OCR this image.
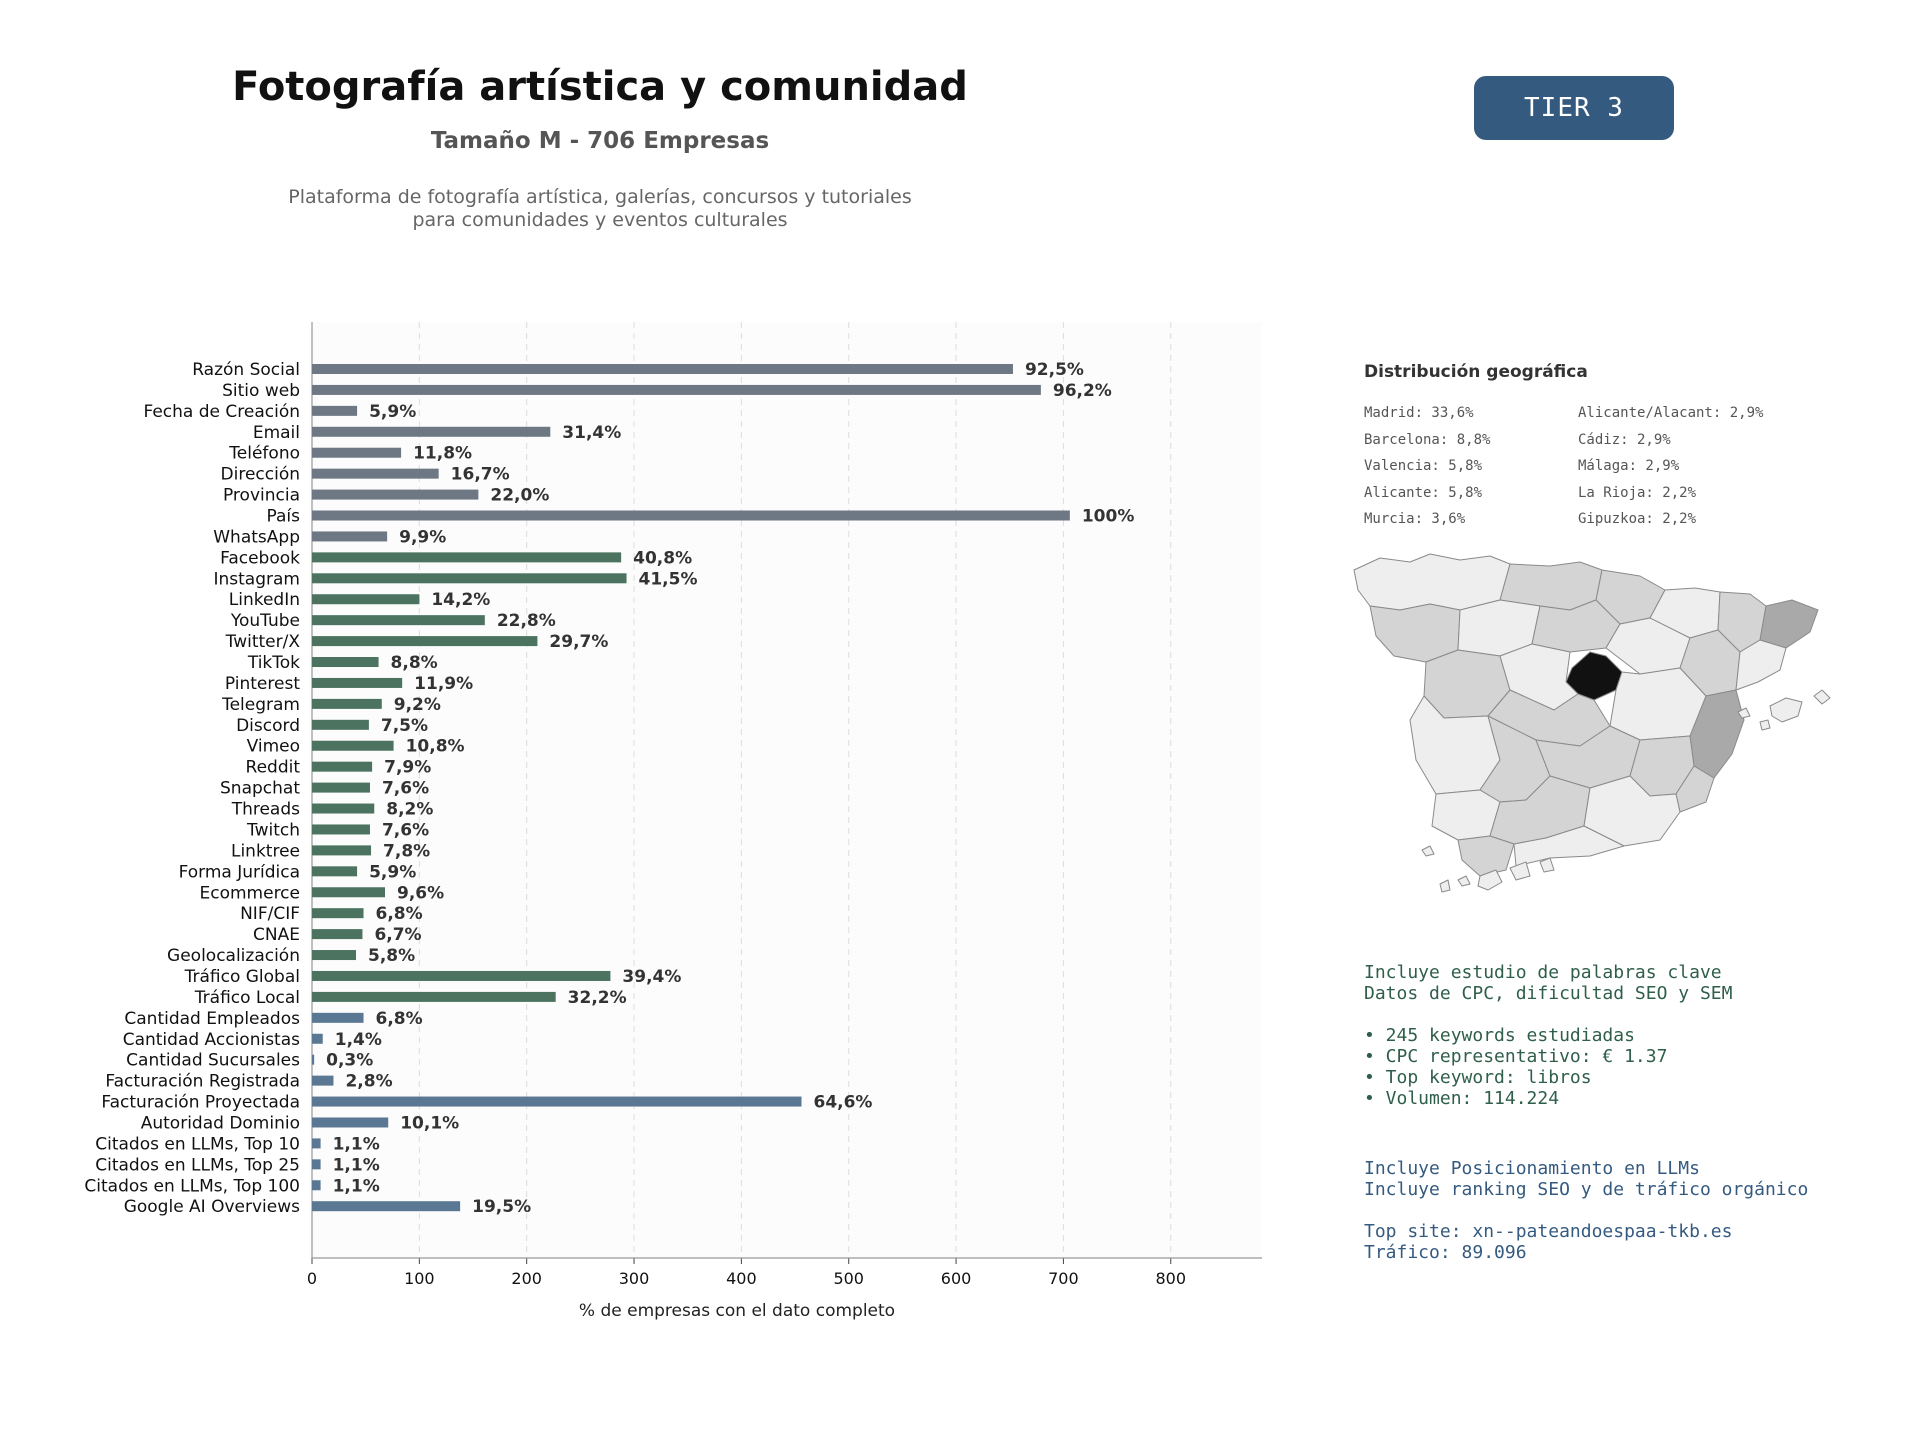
Fotografía artística y comunidad
Tamaño M - 706 Empresas
Plataforma de fotografía artística, galerías, concursos y tutoriales
para comunidades y eventos culturales
TIER 3
0	100	200	300	400	500	600	700	800
% de empresas con el dato completo
Razón Social	92,5%
Sitio web	96,2%
Fecha de Creación	5,9%
Email	31,4%
Teléfono	11,8%
Dirección	16,7%
Provincia	22,0%
País	100%
WhatsApp	9,9%
Facebook	40,8%
Instagram	41,5%
LinkedIn	14,2%
YouTube	22,8%
Twitter/X	29,7%
TikTok	8,8%
Pinterest	11,9%
Telegram	9,2%
Discord	7,5%
Vimeo	10,8%
Reddit	7,9%
Snapchat	7,6%
Threads	8,2%
Twitch	7,6%
Linktree	7,8%
Forma Jurídica	5,9%
Ecommerce	9,6%
NIF/CIF	6,8%
CNAE	6,7%
Geolocalización	5,8%
Tráfico Global	39,4%
Tráfico Local	32,2%
Cantidad Empleados	6,8%
Cantidad Accionistas 1,4%
Cantidad Sucursales 0,3%
Facturación Registrada	2,8%
Facturación Proyectada	64,6%
Autoridad Dominio	10,1%
Citados en LLMs, Top 10 1,1%
Citados en LLMs, Top 25 1,1%
Citados en LLMs, Top 100 1,1%
Google AI Overviews	19,5%
Distribución geográfica
Madrid: 33,6%
Barcelona: 8,8%
Valencia: 5,8%
Alicante: 5,8%
Murcia: 3,6%
Alicante/Alacant: 2,9%
Cádiz: 2,9%
Málaga: 2,9%
La Rioja: 2,2%
Gipuzkoa: 2,2%
Incluye estudio de palabras clave
Datos de CPC, dificultad SEO y SEM
• 245 keywords estudiadas
• CPC representativo: € 1.37
• Top keyword: libros
• Volumen: 114.224
Incluye Posicionamiento en LLMs
Incluye ranking SEO y de tráfico orgánico
Top site: xn--pateandoespaa-tkb.es
Tráfico: 89.096
